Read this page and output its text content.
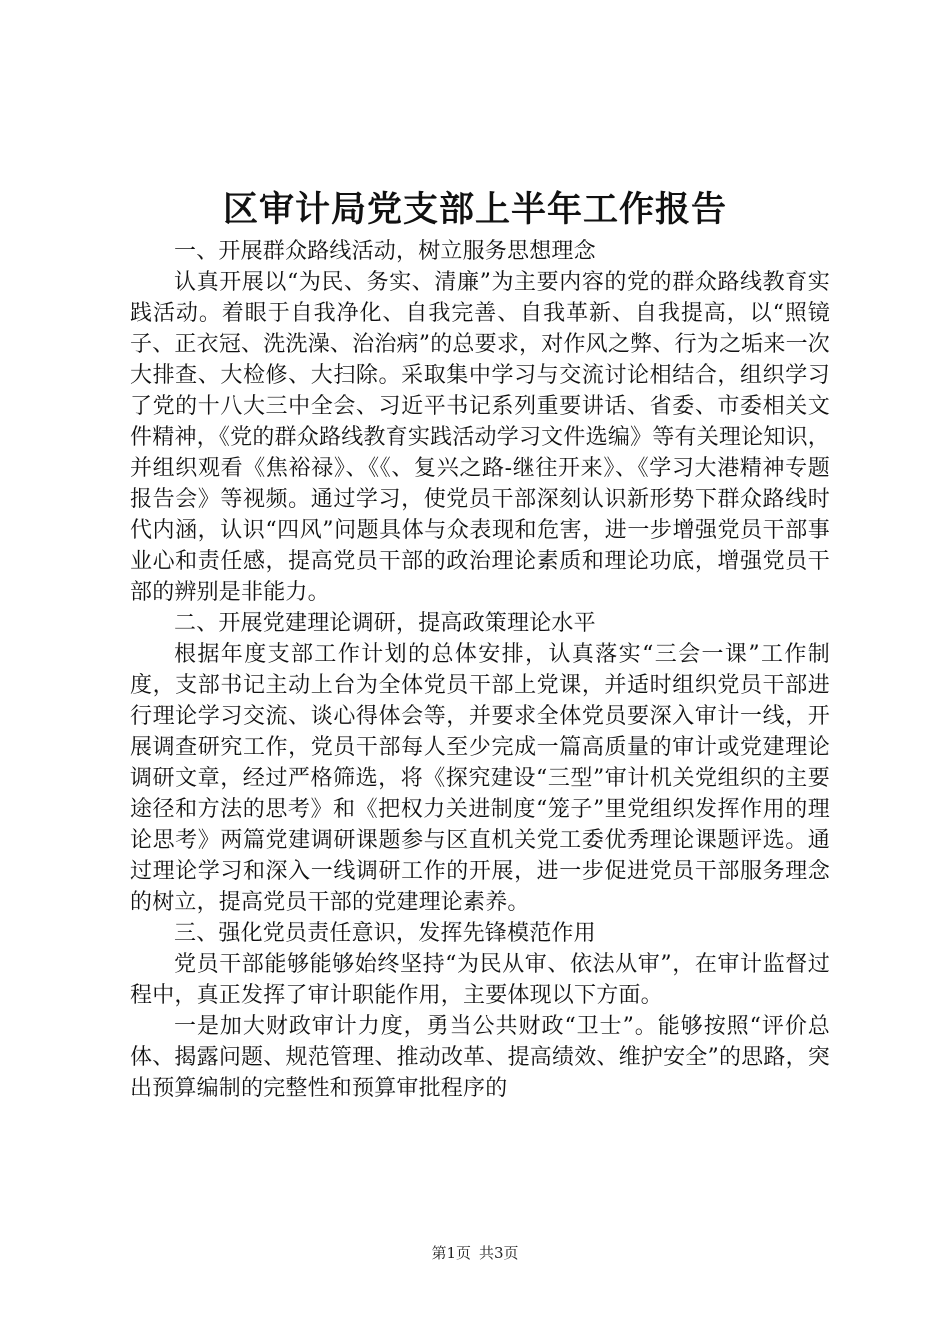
区审计局党支部上半年工作报告

一、开展群众路线活动，树立服务思想理念

认真开展以“为民、务实、清廉”为主要内容的党的群众路线教育实践活动。着眼于自我净化、自我完善、自我革新、自我提高，以“照镜子、正衣冠、洗洗澡、治治病”的总要求，对作风之弊、行为之垢来一次大排查、大检修、大扫除。采取集中学习与交流讨论相结合，组织学习了党的十八大三中全会、习近平书记系列重要讲话、省委、市委相关文件精神，《党的群众路线教育实践活动学习文件选编》等有关理论知识，并组织观看《焦裕禄》、《《、复兴之路-继往开来》、《学习大港精神专题报告会》等视频。通过学习，使党员干部深刻认识新形势下群众路线时代内涵，认识“四风”问题具体与众表现和危害，进一步增强党员干部事业心和责任感，提高党员干部的政治理论素质和理论功底，增强党员干部的辨别是非能力。

二、开展党建理论调研，提高政策理论水平

根据年度支部工作计划的总体安排，认真落实“三会一课”工作制度，支部书记主动上台为全体党员干部上党课，并适时组织党员干部进行理论学习交流、谈心得体会等，并要求全体党员要深入审计一线，开展调查研究工作，党员干部每人至少完成一篇高质量的审计或党建理论调研文章，经过严格筛选，将《探究建设“三型”审计机关党组织的主要途径和方法的思考》和《把权力关进制度“笼子”里党组织发挥作用的理论思考》两篇党建调研课题参与区直机关党工委优秀理论课题评选。通过理论学习和深入一线调研工作的开展，进一步促进党员干部服务理念的树立，提高党员干部的党建理论素养。

三、强化党员责任意识，发挥先锋模范作用

党员干部能够能够始终坚持“为民从审、依法从审”，在审计监督过程中，真正发挥了审计职能作用，主要体现以下方面。

一是加大财政审计力度，勇当公共财政“卫士”。能够按照“评价总体、揭露问题、规范管理、推动改革、提高绩效、维护安全”的思路，突出预算编制的完整性和预算审批程序的

第1页 共3页
